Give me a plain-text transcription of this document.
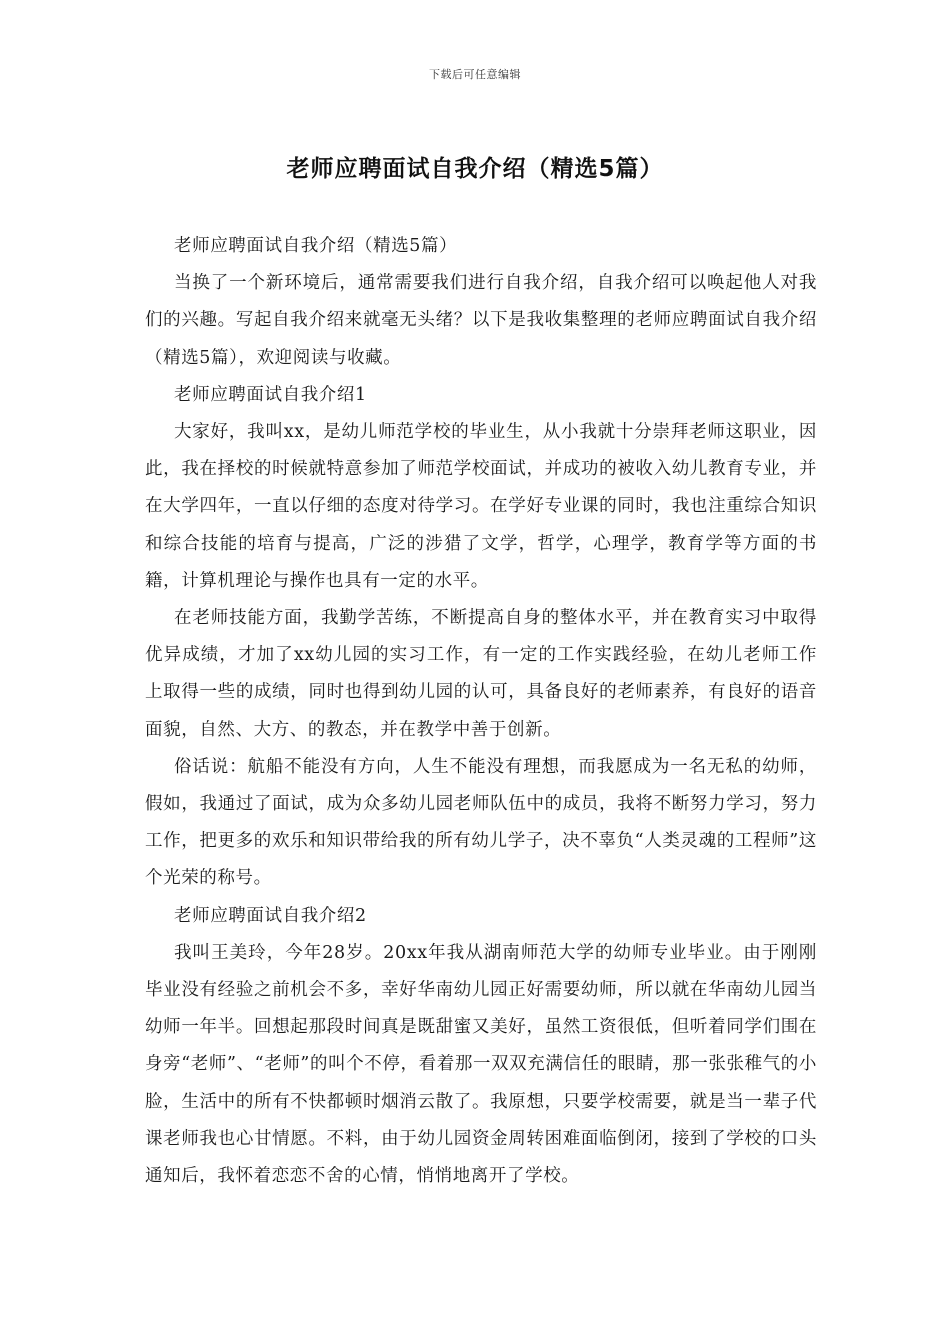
下载后可任意编辑
老师应聘面试自我介绍（精选5篇）

老师应聘面试自我介绍（精选5篇）

当换了一个新环境后，通常需要我们进行自我介绍，自我介绍可以唤起他人对我们的兴趣。写起自我介绍来就毫无头绪？以下是我收集整理的老师应聘面试自我介绍（精选5篇），欢迎阅读与收藏。

老师应聘面试自我介绍1

大家好，我叫xx，是幼儿师范学校的毕业生，从小我就十分崇拜老师这职业，因此，我在择校的时候就特意参加了师范学校面试，并成功的被收入幼儿教育专业，并在大学四年，一直以仔细的态度对待学习。在学好专业课的同时，我也注重综合知识和综合技能的培育与提高，广泛的涉猎了文学，哲学，心理学，教育学等方面的书籍，计算机理论与操作也具有一定的水平。

在老师技能方面，我勤学苦练，不断提高自身的整体水平，并在教育实习中取得优异成绩，才加了xx幼儿园的实习工作，有一定的工作实践经验，在幼儿老师工作上取得一些的成绩，同时也得到幼儿园的认可，具备良好的老师素养，有良好的语音面貌，自然、大方、的教态，并在教学中善于创新。

俗话说：航船不能没有方向，人生不能没有理想，而我愿成为一名无私的幼师，假如，我通过了面试，成为众多幼儿园老师队伍中的成员，我将不断努力学习，努力工作，把更多的欢乐和知识带给我的所有幼儿学子，决不辜负“人类灵魂的工程师”这个光荣的称号。

老师应聘面试自我介绍2

我叫王美玲，今年28岁。20xx年我从湖南师范大学的幼师专业毕业。由于刚刚毕业没有经验之前机会不多，幸好华南幼儿园正好需要幼师，所以就在华南幼儿园当幼师一年半。回想起那段时间真是既甜蜜又美好，虽然工资很低，但听着同学们围在身旁“老师”、“老师”的叫个不停，看着那一双双充满信任的眼睛，那一张张稚气的小脸，生活中的所有不快都顿时烟消云散了。我原想，只要学校需要，就是当一辈子代课老师我也心甘情愿。不料，由于幼儿园资金周转困难面临倒闭，接到了学校的口头通知后，我怀着恋恋不舍的心情，悄悄地离开了学校。
